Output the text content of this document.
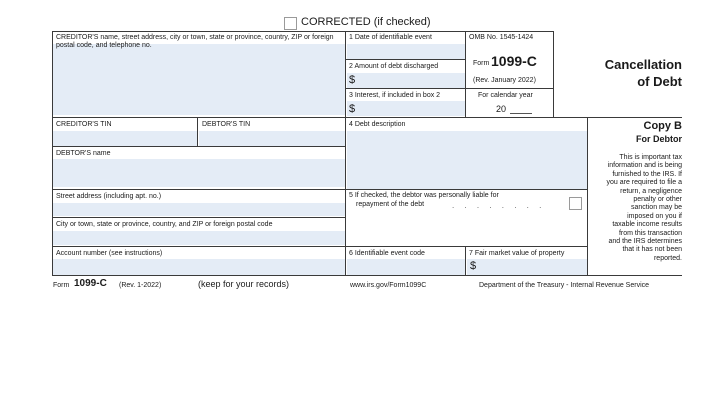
CORRECTED (if checked)
CREDITOR'S name, street address, city or town, state or province, country, ZIP or foreign postal code, and telephone no.
1 Date of identifiable event
2 Amount of debt discharged
$
3 Interest, if included in box 2
$
OMB No. 1545-1424
Form 1099-C
(Rev. January 2022)
For calendar year
20
Cancellation
of Debt
CREDITOR'S TIN	DEBTOR'S TIN	4 Debt description
DEBTOR'S name
Street address (including apt. no.)
City or town, state or province, country, and ZIP or foreign postal code
Account number (see instructions)
5 If checked, the debtor was personally liable for
repayment of the debt	. . . . . . . .
6 Identifiable event code	7 Fair market value of property
$
Copy B
For Debtor
This is important tax
information and is being
furnished to the IRS. If
you are required to file a
return, a negligence
penalty or other
sanction may be
imposed on you if
taxable income results
from this transaction
and the IRS determines
that it has not been
reported.
Form 1099-C (Rev. 1-2022)	(keep for your records)	www.irs.gov/Form1099C	Department of the Treasury - Internal Revenue Service
